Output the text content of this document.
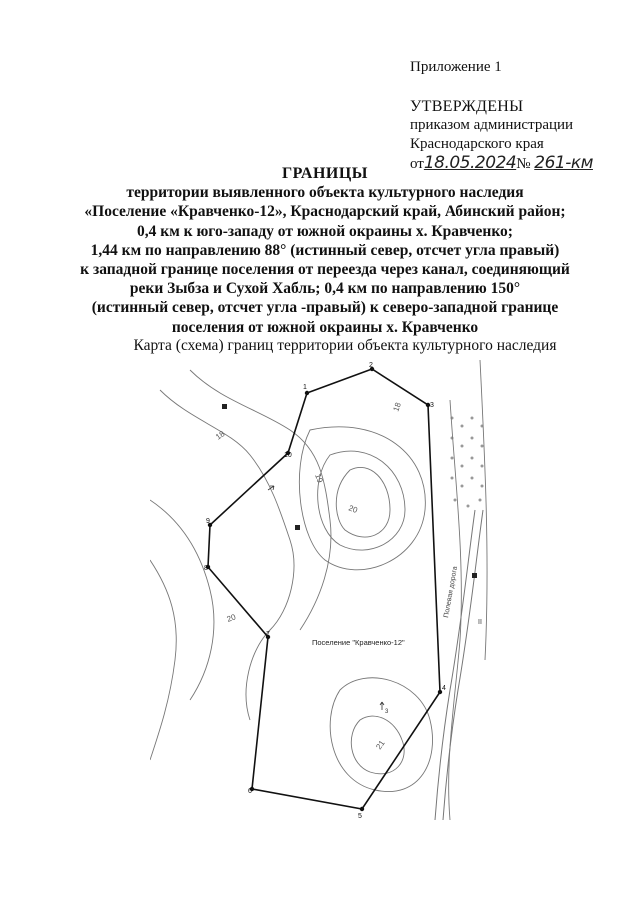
Приложение 1
УТВЕРЖДЕНЫ
приказом администрации
Краснодарского края
от18.05.2024№ 261-км
ГРАНИЦЫ
территории выявленного объекта культурного наследия
«Поселение «Кравченко-12», Краснодарский край, Абинский район;
0,4 км к юго-западу от южной окраины х. Кравченко;
1,44 км по направлению 88° (истинный север, отсчет угла правый)
к западной границе поселения от переезда через канал, соединяющий
реки Зыбза и Сухой Хабль; 0,4 км по направлению 150°
(истинный север, отсчет угла -правый) к северо-западной границе
поселения от южной окраины х. Кравченко
Карта (схема) границ территории объекта культурного наследия
Полевая дорога
1
2
3
4
5
6
7
8
9
10
18
19
20
20
21
18
Поселение "Кравченко-12"
II
3
